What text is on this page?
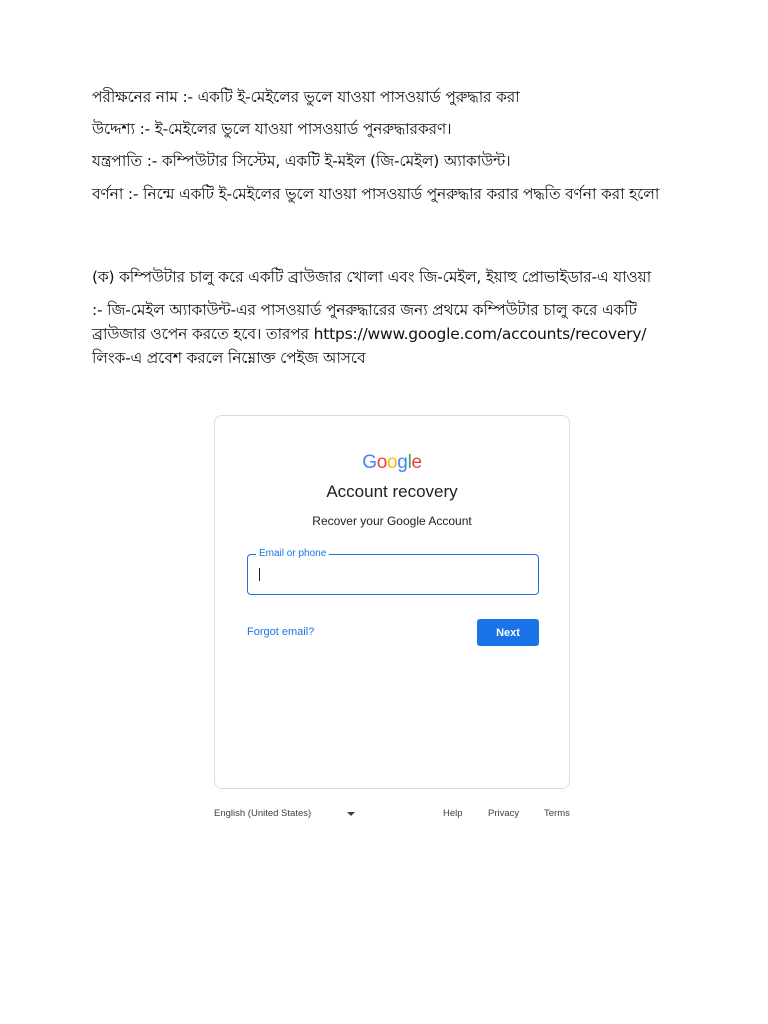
পরীক্ষনের নাম :- একটি ই-মেইলের ভুলে যাওয়া পাসওয়ার্ড পুরুদ্ধার করা
উদ্দেশ্য :- ই-মেইলের ভুলে যাওয়া পাসওয়ার্ড পুনরুদ্ধারকরণ।
যন্ত্রপাতি :- কম্পিউটার সিস্টেম, একটি ই-মইল (জি-মেইল) অ্যাকাউন্ট।
বর্ণনা :- নিন্মে একটি ই-মেইলের ভুলে যাওয়া পাসওয়ার্ড পুনরুদ্ধার করার পদ্ধতি বর্ণনা করা হলো
(ক) কম্পিউটার চালু করে একটি ব্রাউজার খোলা এবং জি-মেইল, ইয়াহু প্রোভাইডার-এ যাওয়া
:- জি-মেইল অ্যাকাউন্ট-এর পাসওয়ার্ড পুনরুদ্ধারের জন্য প্রথমে কম্পিউটার চালু করে একটি ব্রাউজার ওপেন করতে হবে। তারপর https://www.google.com/accounts/recovery/ লিংক-এ প্রবেশ করলে নিম্নোক্ত পেইজ আসবে
Google
Account recovery
Recover your Google Account
Email or phone
Forgot email?	Next
English (United States)	Help	Privacy	Terms
